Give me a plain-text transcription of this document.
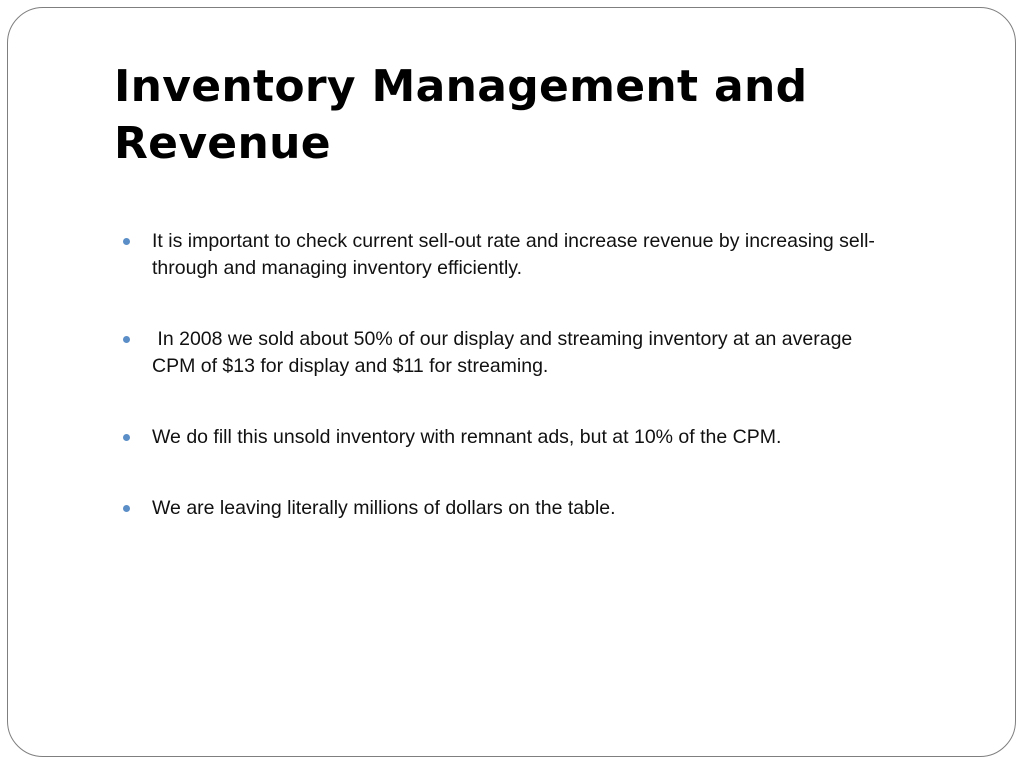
Inventory Management and Revenue
It is important to check current sell-out rate and increase revenue by increasing sell-through and managing inventory efficiently.
In 2008 we sold about 50% of our display and streaming inventory at an average CPM of $13 for display and $11 for streaming.
We do fill this unsold inventory with remnant ads, but at 10% of the CPM.
We are leaving literally millions of dollars on the table.
